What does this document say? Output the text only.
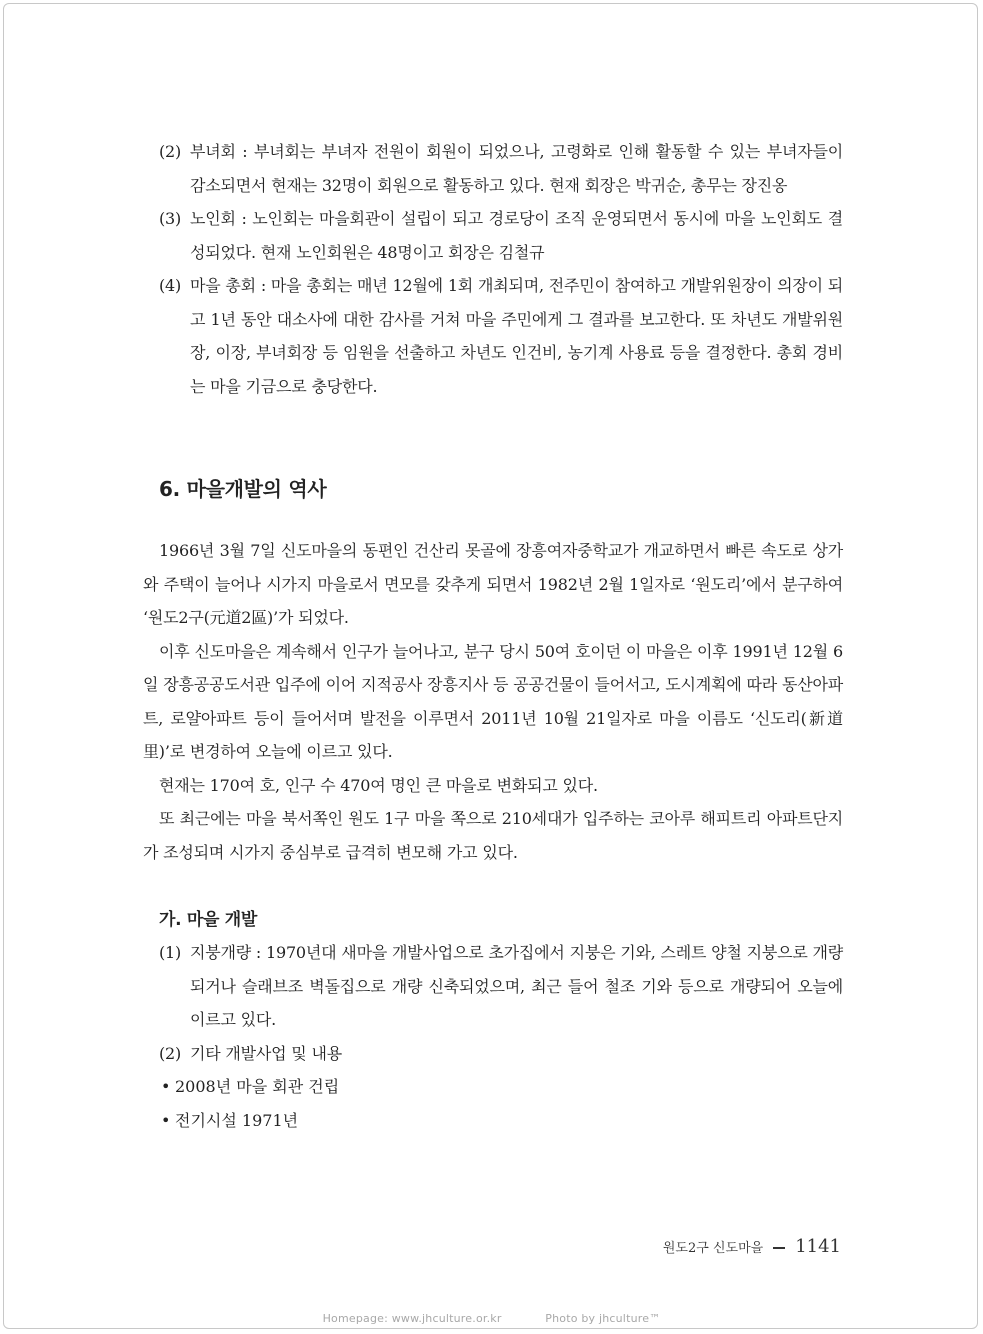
(2) 부녀회 : 부녀회는 부녀자 전원이 회원이 되었으나, 고령화로 인해 활동할 수 있는 부녀자들이 감소되면서 현재는 32명이 회원으로 활동하고 있다. 현재 회장은 박귀순, 총무는 장진옹
(3) 노인회 : 노인회는 마을회관이 설립이 되고 경로당이 조직 운영되면서 동시에 마을 노인회도 결성되었다. 현재 노인회원은 48명이고 회장은 김철규
(4) 마을 총회 : 마을 총회는 매년 12월에 1회 개최되며, 전주민이 참여하고 개발위원장이 의장이 되고 1년 동안 대소사에 대한 감사를 거쳐 마을 주민에게 그 결과를 보고한다. 또 차년도 개발위원장, 이장, 부녀회장 등 임원을 선출하고 차년도 인건비, 농기계 사용료 등을 결정한다. 총회 경비는 마을 기금으로 충당한다.
6. 마을개발의 역사

1966년 3월 7일 신도마을의 동편인 건산리 못골에 장흥여자중학교가 개교하면서 빠른 속도로 상가와 주택이 늘어나 시가지 마을로서 면모를 갖추게 되면서 1982년 2월 1일자로 ‘원도리’에서 분구하여 ‘원도2구(元道2區)’가 되었다.

이후 신도마을은 계속해서 인구가 늘어나고, 분구 당시 50여 호이던 이 마을은 이후 1991년 12월 6일 장흥공공도서관 입주에 이어 지적공사 장흥지사 등 공공건물이 들어서고, 도시계획에 따라 동산아파트, 로얄아파트 등이 들어서며 발전을 이루면서 2011년 10월 21일자로 마을 이름도 ‘신도리(新道里)’로 변경하여 오늘에 이르고 있다.

현재는 170여 호, 인구 수 470여 명인 큰 마을로 변화되고 있다.

또 최근에는 마을 북서쪽인 원도 1구 마을 쪽으로 210세대가 입주하는 코아루 해피트리 아파트단지가 조성되며 시가지 중심부로 급격히 변모해 가고 있다.

가. 마을 개발
(1) 지붕개량 : 1970년대 새마을 개발사업으로 초가집에서 지붕은 기와, 스레트 양철 지붕으로 개량되거나 슬래브조 벽돌집으로 개량 신축되었으며, 최근 들어 철조 기와 등으로 개량되어 오늘에 이르고 있다.
(2) 기타 개발사업 및 내용
• 2008년 마을 회관 건립
• 전기시설 1971년
원도2구 신도마을 1141
Homepage: www.jhculture.or.kr	Photo by jhculture™
